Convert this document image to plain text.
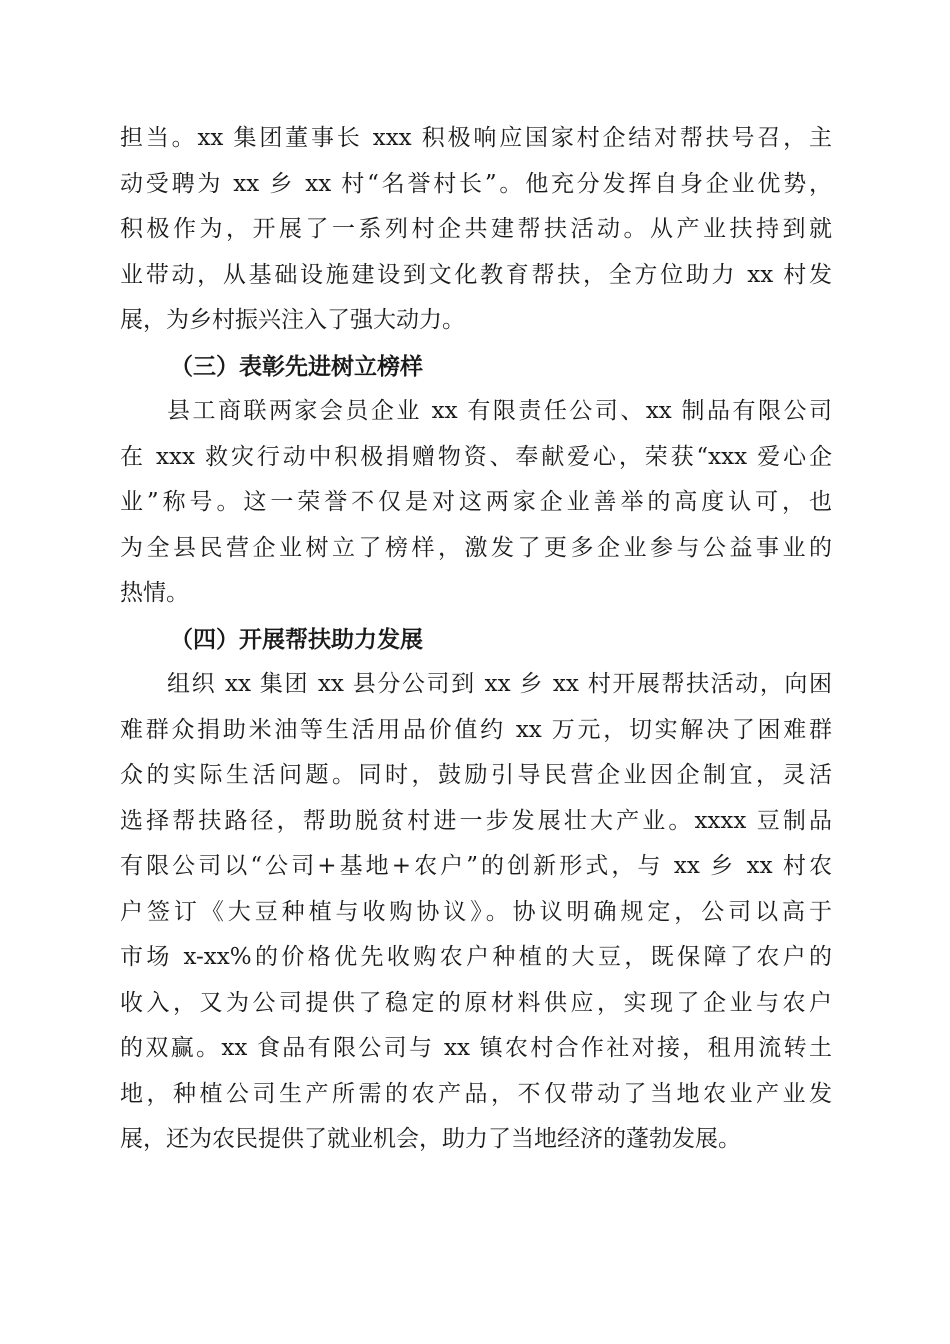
担当。xx 集团董事长 xxx 积极响应国家村企结对帮扶号召，主
动受聘为 xx 乡 xx 村“名誉村长”。他充分发挥自身企业优势，
积极作为，开展了一系列村企共建帮扶活动。从产业扶持到就
业带动，从基础设施建设到文化教育帮扶，全方位助力 xx 村发
展，为乡村振兴注入了强大动力。
（三）表彰先进树立榜样
县工商联两家会员企业 xx 有限责任公司、xx 制品有限公司
在 xxx 救灾行动中积极捐赠物资、奉献爱心，荣获“xxx 爱心企
业”称号。这一荣誉不仅是对这两家企业善举的高度认可，也
为全县民营企业树立了榜样，激发了更多企业参与公益事业的
热情。
（四）开展帮扶助力发展
组织 xx 集团 xx 县分公司到 xx 乡 xx 村开展帮扶活动，向困
难群众捐助米油等生活用品价值约 xx 万元，切实解决了困难群
众的实际生活问题。同时，鼓励引导民营企业因企制宜，灵活
选择帮扶路径，帮助脱贫村进一步发展壮大产业。xxxx 豆制品
有限公司以“公司+基地+农户”的创新形式，与 xx 乡 xx 村农
户签订《大豆种植与收购协议》。协议明确规定，公司以高于
市场 x-xx%的价格优先收购农户种植的大豆，既保障了农户的
收入，又为公司提供了稳定的原材料供应，实现了企业与农户
的双赢。xx 食品有限公司与 xx 镇农村合作社对接，租用流转土
地，种植公司生产所需的农产品，不仅带动了当地农业产业发
展，还为农民提供了就业机会，助力了当地经济的蓬勃发展。
